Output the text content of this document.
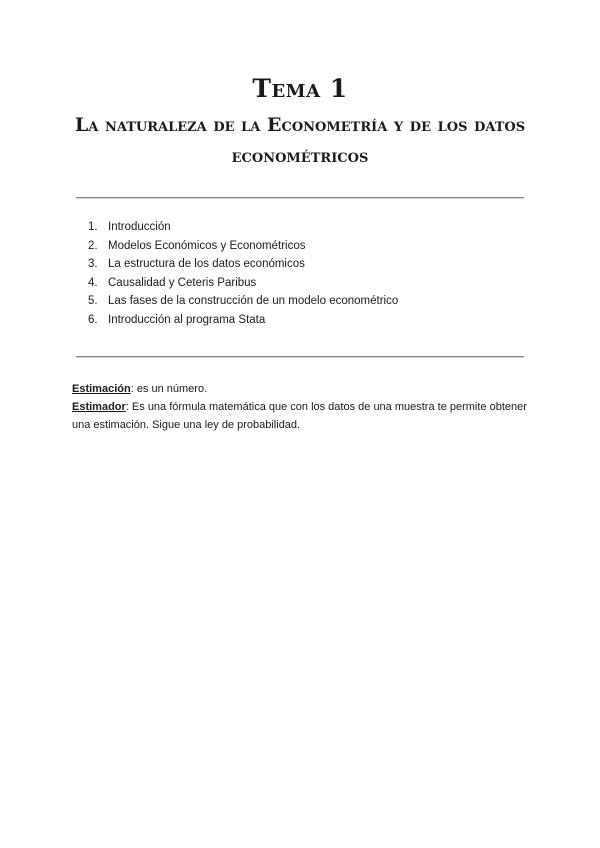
Tema 1
La naturaleza de la Econometría y de los datos econométricos
1. Introducción
2. Modelos Económicos y Econométricos
3. La estructura de los datos económicos
4. Causalidad y Ceteris Paribus
5. Las fases de la construcción de un modelo econométrico
6. Introducción al programa Stata

Estimación: es un número.

Estimador: Es una fórmula matemática que con los datos de una muestra te permite obtener una estimación. Sigue una ley de probabilidad.
